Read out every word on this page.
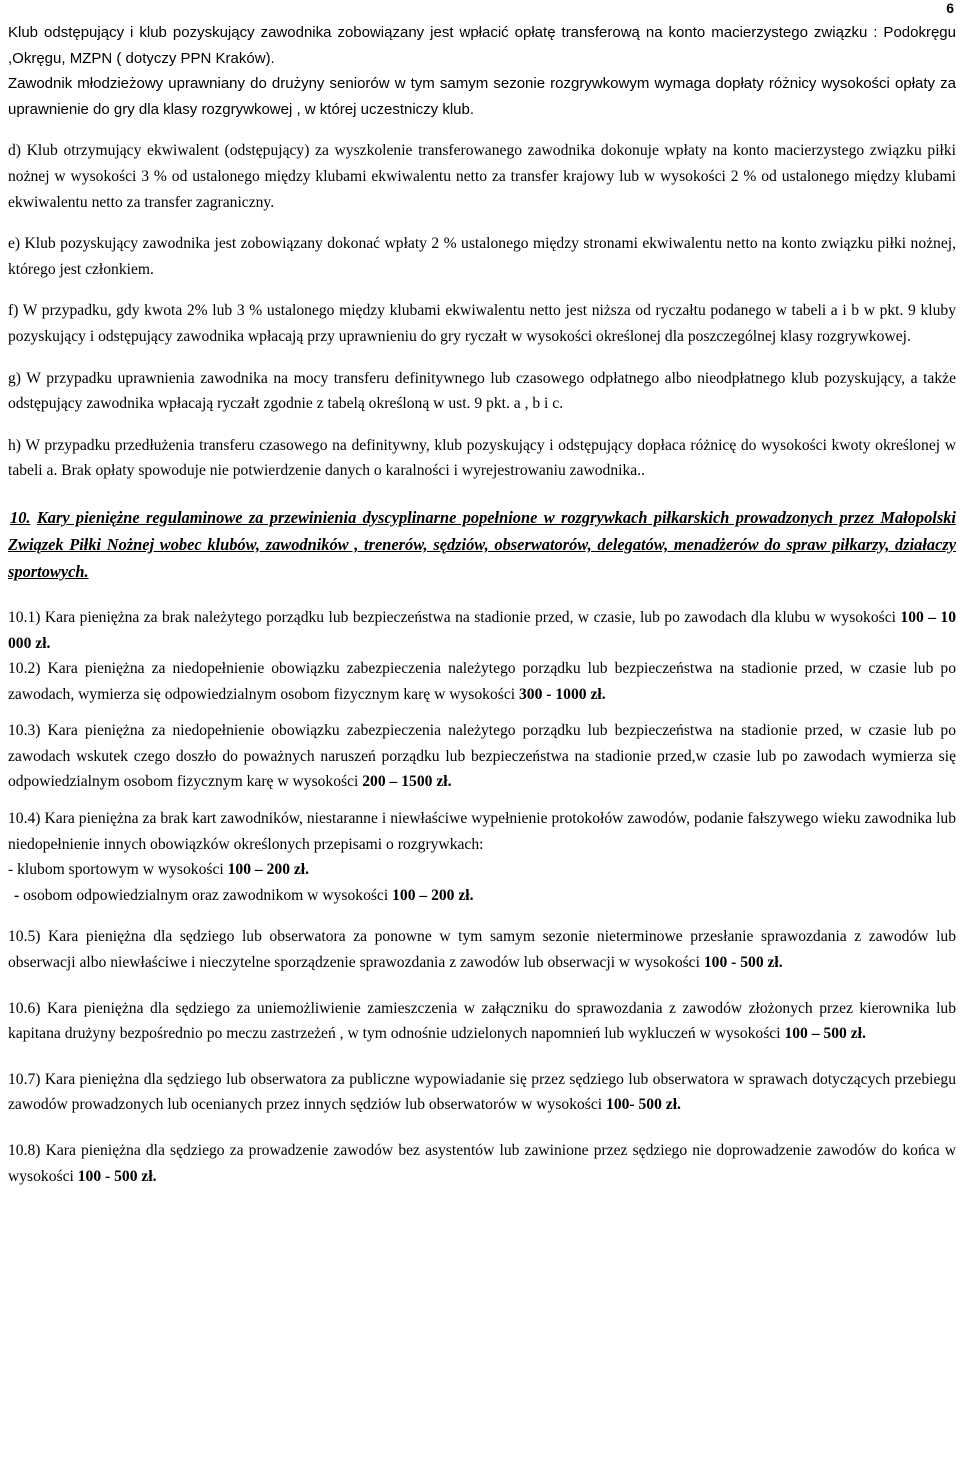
6

Klub odstępujący i klub pozyskujący zawodnika zobowiązany jest wpłacić opłatę transferową na konto macierzystego związku : Podokręgu ,Okręgu, MZPN ( dotyczy PPN Kraków).

Zawodnik młodzieżowy uprawniany do drużyny seniorów w tym samym sezonie rozgrywkowym wymaga dopłaty różnicy wysokości opłaty za uprawnienie do gry dla klasy rozgrywkowej , w której uczestniczy klub.

d) Klub otrzymujący ekwiwalent (odstępujący) za wyszkolenie transferowanego zawodnika dokonuje wpłaty na konto macierzystego związku piłki nożnej w wysokości 3 % od ustalonego między klubami ekwiwalentu netto za transfer krajowy lub w wysokości 2 % od ustalonego między klubami ekwiwalentu netto za transfer zagraniczny.

e) Klub pozyskujący zawodnika jest zobowiązany dokonać wpłaty 2 % ustalonego między stronami ekwiwalentu netto na konto związku piłki nożnej, którego jest członkiem.

f) W przypadku, gdy kwota 2% lub 3 % ustalonego między klubami ekwiwalentu netto jest niższa od ryczałtu podanego w tabeli a i b w pkt. 9 kluby pozyskujący i odstępujący zawodnika wpłacają przy uprawnieniu do gry ryczałt w wysokości określonej dla poszczególnej klasy rozgrywkowej.

g) W przypadku uprawnienia zawodnika na mocy transferu definitywnego lub czasowego odpłatnego albo nieodpłatnego klub pozyskujący, a także odstępujący zawodnika wpłacają ryczałt zgodnie z tabelą określoną w ust. 9 pkt. a , b i c.

h) W przypadku przedłużenia transferu czasowego na definitywny, klub pozyskujący i odstępujący dopłaca różnicę do wysokości kwoty określonej w tabeli a. Brak opłaty spowoduje nie potwierdzenie danych o karalności i wyrejestrowaniu zawodnika..

10. Kary pieniężne regulaminowe za przewinienia dyscyplinarne popełnione w rozgrywkach piłkarskich prowadzonych przez Małopolski Związek Piłki Nożnej wobec klubów, zawodników , trenerów, sędziów, obserwatorów, delegatów, menadżerów do spraw piłkarzy, działaczy sportowych.

10.1) Kara pieniężna za brak należytego porządku lub bezpieczeństwa na stadionie przed, w czasie, lub po zawodach dla klubu w wysokości 100 – 10 000 zł.

10.2) Kara pieniężna za niedopełnienie obowiązku zabezpieczenia należytego porządku lub bezpieczeństwa na stadionie przed, w czasie lub po zawodach, wymierza się odpowiedzialnym osobom fizycznym karę w wysokości 300 - 1000 zł.

10.3) Kara pieniężna za niedopełnienie obowiązku zabezpieczenia należytego porządku lub bezpieczeństwa na stadionie przed, w czasie lub po zawodach wskutek czego doszło do poważnych naruszeń porządku lub bezpieczeństwa na stadionie przed,w czasie lub po zawodach wymierza się odpowiedzialnym osobom fizycznym karę w wysokości 200 – 1500 zł.

10.4) Kara pieniężna za brak kart zawodników, niestaranne i niewłaściwe wypełnienie protokołów zawodów, podanie fałszywego wieku zawodnika lub niedopełnienie innych obowiązków określonych przepisami o rozgrywkach:

- klubom sportowym w wysokości 100 – 200 zł.

- osobom odpowiedzialnym oraz zawodnikom w wysokości 100 – 200 zł.

10.5) Kara pieniężna dla sędziego lub obserwatora za ponowne w tym samym sezonie nieterminowe przesłanie sprawozdania z zawodów lub obserwacji albo niewłaściwe i nieczytelne sporządzenie sprawozdania z zawodów lub obserwacji w wysokości 100 - 500 zł.

10.6) Kara pieniężna dla sędziego za uniemożliwienie zamieszczenia w załączniku do sprawozdania z zawodów złożonych przez kierownika lub kapitana drużyny bezpośrednio po meczu zastrzeżeń , w tym odnośnie udzielonych napomnień lub wykluczeń w wysokości 100 – 500 zł.

10.7) Kara pieniężna dla sędziego lub obserwatora za publiczne wypowiadanie się przez sędziego lub obserwatora w sprawach dotyczących przebiegu zawodów prowadzonych lub ocenianych przez innych sędziów lub obserwatorów w wysokości 100- 500 zł.

10.8) Kara pieniężna dla sędziego za prowadzenie zawodów bez asystentów lub zawinione przez sędziego nie doprowadzenie zawodów do końca w wysokości 100 - 500 zł.
